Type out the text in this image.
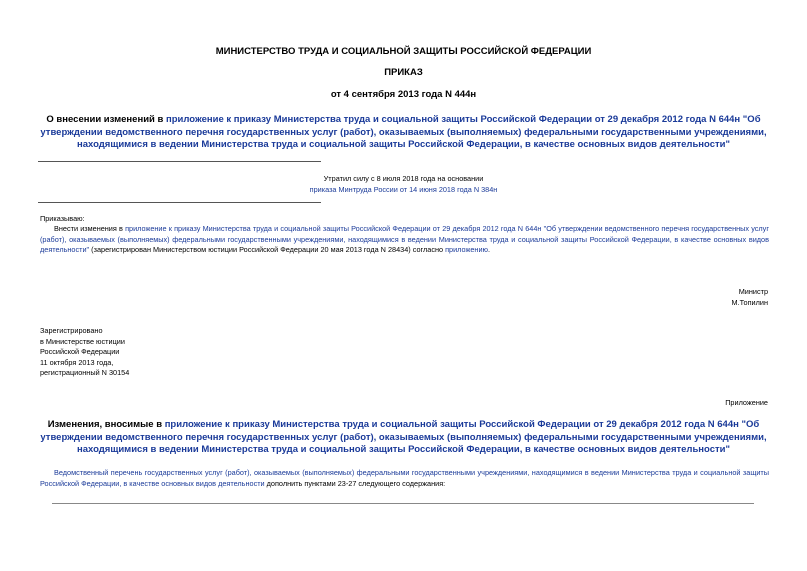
МИНИСТЕРСТВО ТРУДА И СОЦИАЛЬНОЙ ЗАЩИТЫ РОССИЙСКОЙ ФЕДЕРАЦИИ
ПРИКАЗ
от 4 сентября 2013 года N 444н
О внесении изменений в приложение к приказу Министерства труда и социальной защиты Российской Федерации от 29 декабря 2012 года N 644н "Об утверждении ведомственного перечня государственных услуг (работ), оказываемых (выполняемых) федеральными государственными учреждениями, находящимися в ведении Министерства труда и социальной защиты Российской Федерации, в качестве основных видов деятельности"
Утратил силу с 8 июля 2018 года на основании
приказа Минтруда России от 14 июня 2018 года N 384н
Приказываю:
Внести изменения в приложение к приказу Министерства труда и социальной защиты Российской Федерации от 29 декабря 2012 года N 644н "Об утверждении ведомственного перечня государственных услуг (работ), оказываемых (выполняемых) федеральными государственными учреждениями, находящимися в ведении Министерства труда и социальной защиты Российской Федерации, в качестве основных видов деятельности" (зарегистрирован Министерством юстиции Российской Федерации 20 мая 2013 года N 28434) согласно приложению.
Министр
М.Топилин
Зарегистрировано
в Министерстве юстиции
Российской Федерации
11 октября 2013 года,
регистрационный N 30154
Приложение
Изменения, вносимые в приложение к приказу Министерства труда и социальной защиты Российской Федерации от 29 декабря 2012 года N 644н "Об утверждении ведомственного перечня государственных услуг (работ), оказываемых (выполняемых) федеральными государственными учреждениями, находящимися в ведении Министерства труда и социальной защиты Российской Федерации, в качестве основных видов деятельности"
Ведомственный перечень государственных услуг (работ), оказываемых (выполняемых) федеральными государственными учреждениями, находящимися в ведении Министерства труда и социальной защиты Российской Федерации, в качестве основных видов деятельности дополнить пунктами 23-27 следующего содержания:
